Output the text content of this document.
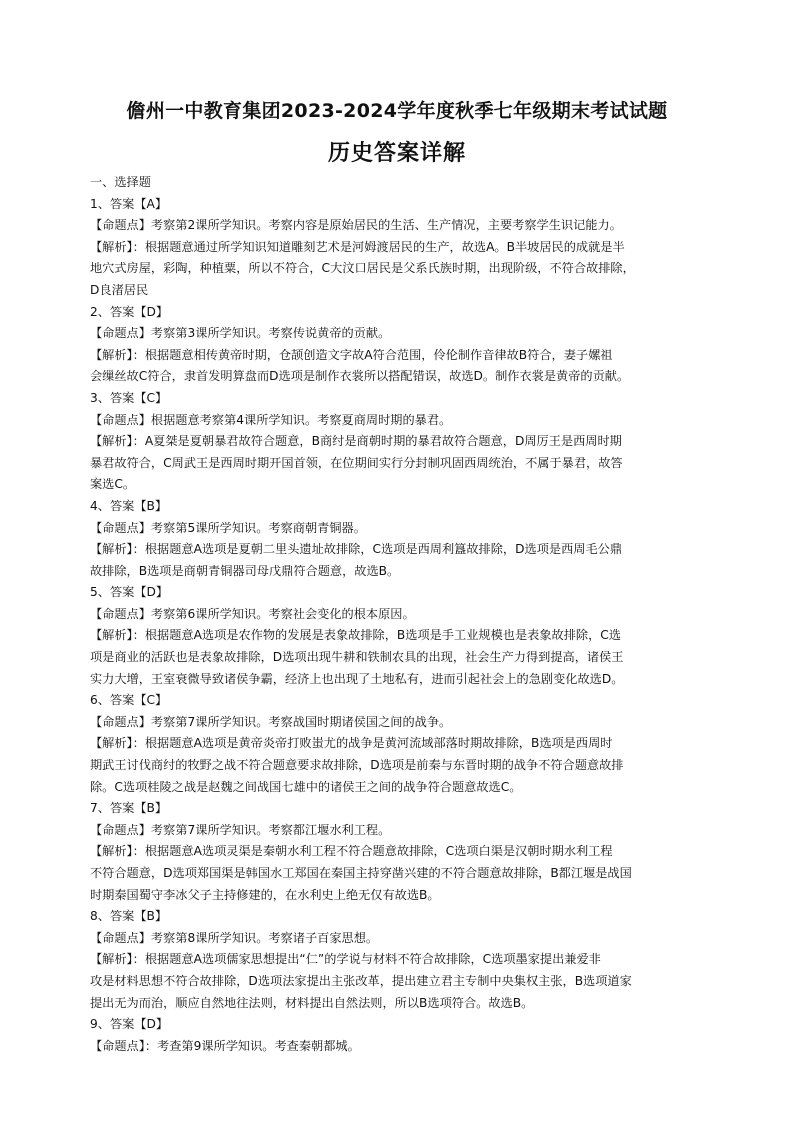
儋州一中教育集团2023-2024学年度秋季七年级期末考试试题
历史答案详解
一、选择题
1、答案【A】
【命题点】考察第2课所学知识。考察内容是原始居民的生活、生产情况，主要考察学生识记能力。
【解析】：根据题意通过所学知识知道雕刻艺术是河姆渡居民的生产，故选A。B半坡居民的成就是半
地穴式房屋，彩陶，种植粟，所以不符合，C大汶口居民是父系氏族时期，出现阶级，不符合故排除，
D良渚居民
2、答案【D】
【命题点】考察第3课所学知识。考察传说黄帝的贡献。
【解析】：根据题意相传黄帝时期，仓颉创造文字故A符合范围，伶伦制作音律故B符合，妻子嫘祖
会缫丝故C符合，隶首发明算盘而D选项是制作衣裳所以搭配错误，故选D。制作衣裳是黄帝的贡献。
3、答案【C】
【命题点】根据题意考察第4课所学知识。考察夏商周时期的暴君。
【解析】：A夏桀是夏朝暴君故符合题意，B商纣是商朝时期的暴君故符合题意，D周厉王是西周时期
暴君故符合，C周武王是西周时期开国首领，在位期间实行分封制巩固西周统治，不属于暴君，故答
案选C。
4、答案【B】
【命题点】考察第5课所学知识。考察商朝青铜器。
【解析】：根据题意A选项是夏朝二里头遗址故排除，C选项是西周利簋故排除，D选项是西周毛公鼎
故排除，B选项是商朝青铜器司母戊鼎符合题意，故选B。
5、答案【D】
【命题点】考察第6课所学知识。考察社会变化的根本原因。
【解析】：根据题意A选项是农作物的发展是表象故排除，B选项是手工业规模也是表象故排除，C选
项是商业的活跃也是表象故排除，D选项出现牛耕和铁制农具的出现，社会生产力得到提高，诸侯王
实力大增，王室衰微导致诸侯争霸，经济上也出现了土地私有，进而引起社会上的急剧变化故选D。
6、答案【C】
【命题点】考察第7课所学知识。考察战国时期诸侯国之间的战争。
【解析】：根据题意A选项是黄帝炎帝打败蚩尤的战争是黄河流域部落时期故排除，B选项是西周时
期武王讨伐商纣的牧野之战不符合题意要求故排除，D选项是前秦与东晋时期的战争不符合题意故排
除。C选项桂陵之战是赵魏之间战国七雄中的诸侯王之间的战争符合题意故选C。
7、答案【B】
【命题点】考察第7课所学知识。考察都江堰水利工程。
【解析】：根据题意A选项灵渠是秦朝水利工程不符合题意故排除，C选项白渠是汉朝时期水利工程
不符合题意，D选项郑国渠是韩国水工郑国在秦国主持穿凿兴建的不符合题意故排除，B都江堰是战国
时期秦国蜀守李冰父子主持修建的，在水利史上绝无仅有故选B。
8、答案【B】
【命题点】考察第8课所学知识。考察诸子百家思想。
【解析】：根据题意A选项儒家思想提出“仁”的学说与材料不符合故排除，C选项墨家提出兼爱非
攻是材料思想不符合故排除，D选项法家提出主张改革，提出建立君主专制中央集权主张，B选项道家
提出无为而治，顺应自然地往法则，材料提出自然法则，所以B选项符合。故选B。
9、答案【D】
【命题点】：考查第9课所学知识。考查秦朝都城。
